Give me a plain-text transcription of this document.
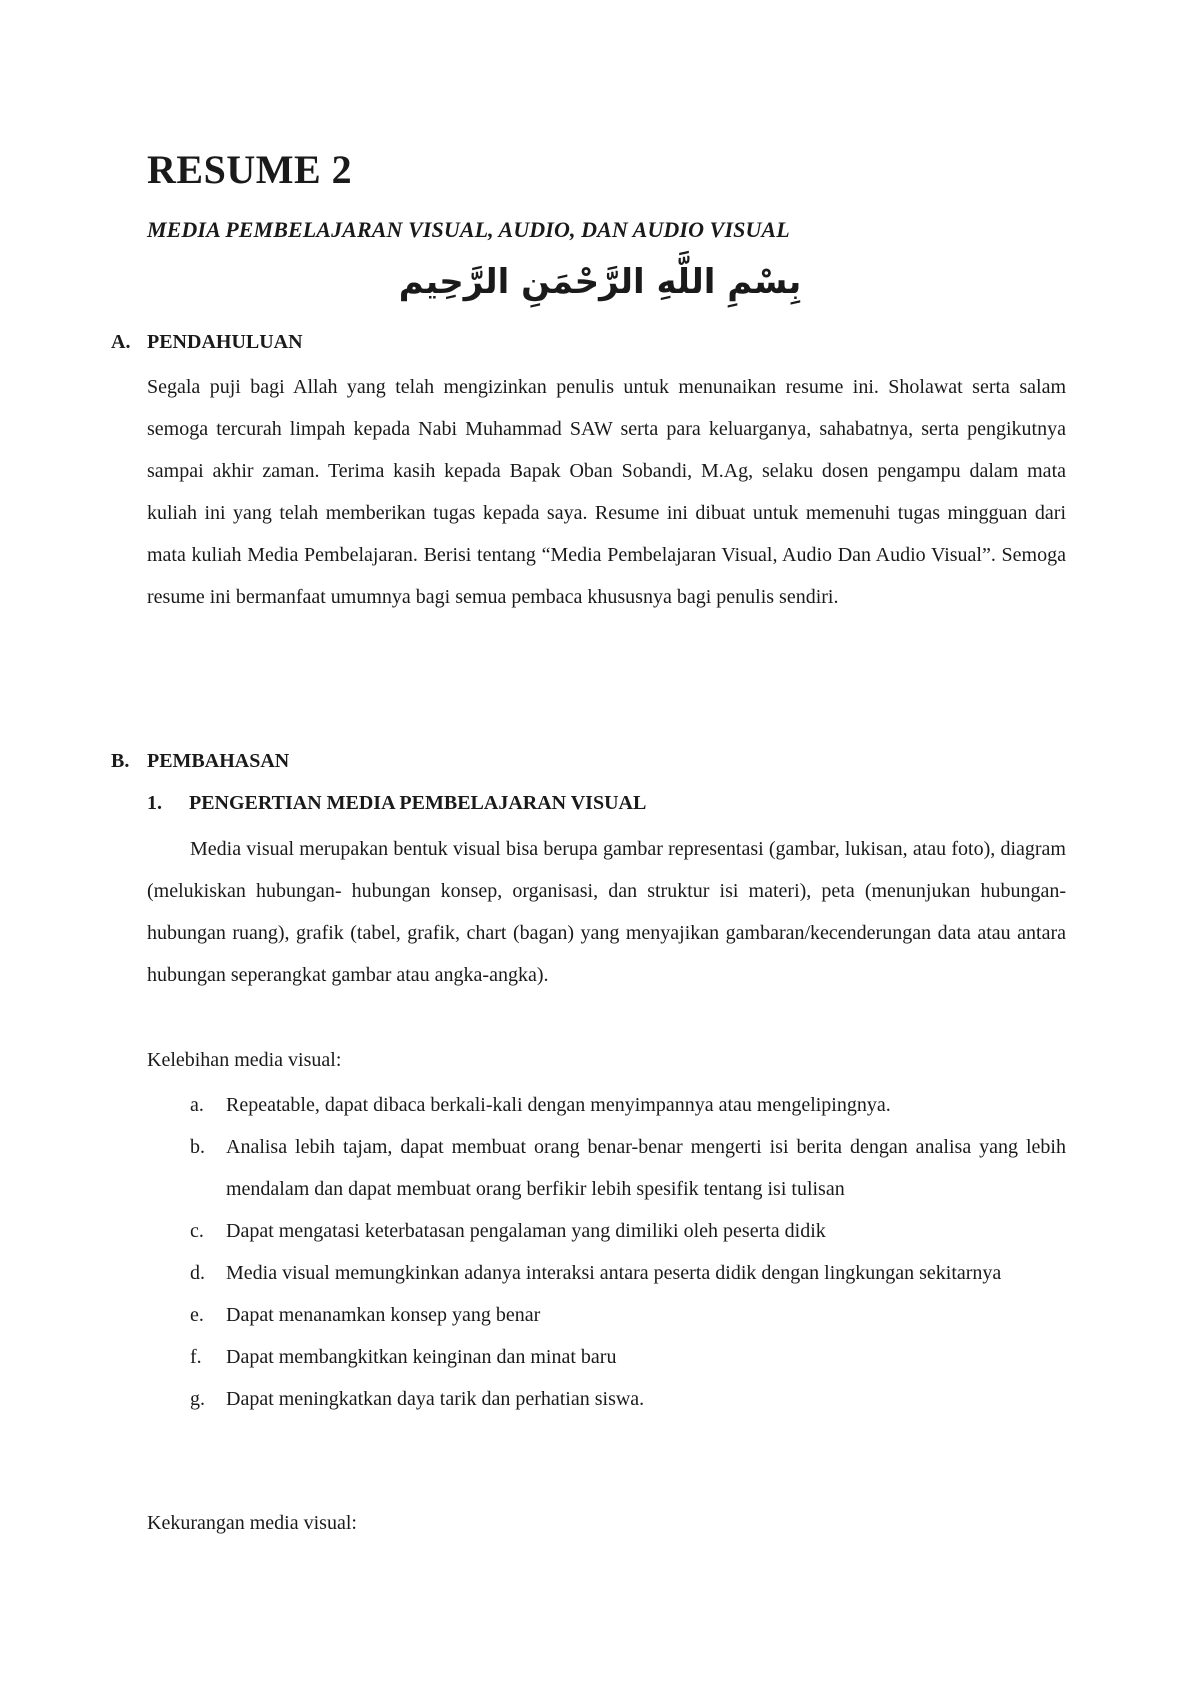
RESUME 2
MEDIA PEMBELAJARAN VISUAL, AUDIO, DAN AUDIO VISUAL

بِسْمِ اللَّهِ الرَّحْمَنِ الرَّحِيم

A. PENDAHULUAN

Segala puji bagi Allah yang telah mengizinkan penulis untuk menunaikan resume ini. Sholawat serta salam semoga tercurah limpah kepada Nabi Muhammad SAW serta para keluarganya, sahabatnya, serta pengikutnya sampai akhir zaman. Terima kasih kepada Bapak Oban Sobandi, M.Ag, selaku dosen pengampu dalam mata kuliah ini yang telah memberikan tugas kepada saya. Resume ini dibuat untuk memenuhi tugas mingguan dari mata kuliah Media Pembelajaran. Berisi tentang “Media Pembelajaran Visual, Audio Dan Audio Visual”. Semoga resume ini bermanfaat umumnya bagi semua pembaca khususnya bagi penulis sendiri.

B. PEMBAHASAN
1. PENGERTIAN MEDIA PEMBELAJARAN VISUAL

Media visual merupakan bentuk visual bisa berupa gambar representasi (gambar, lukisan, atau foto), diagram (melukiskan hubungan- hubungan konsep, organisasi, dan struktur isi materi), peta (menunjukan hubungan-hubungan ruang), grafik (tabel, grafik, chart (bagan) yang menyajikan gambaran/kecenderungan data atau antara hubungan seperangkat gambar atau angka-angka).

Kelebihan media visual:

a.	Repeatable, dapat dibaca berkali-kali dengan menyimpannya atau mengelipingnya.
b.	Analisa lebih tajam, dapat membuat orang benar-benar mengerti isi berita dengan analisa yang lebih mendalam dan dapat membuat orang berfikir lebih spesifik tentang isi tulisan
c.	Dapat mengatasi keterbatasan pengalaman yang dimiliki oleh peserta didik
d.	Media visual memungkinkan adanya interaksi antara peserta didik dengan lingkungan sekitarnya
e.	Dapat menanamkan konsep yang benar
f.	Dapat membangkitkan keinginan dan minat baru
g.	Dapat meningkatkan daya tarik dan perhatian siswa.

Kekurangan media visual:
